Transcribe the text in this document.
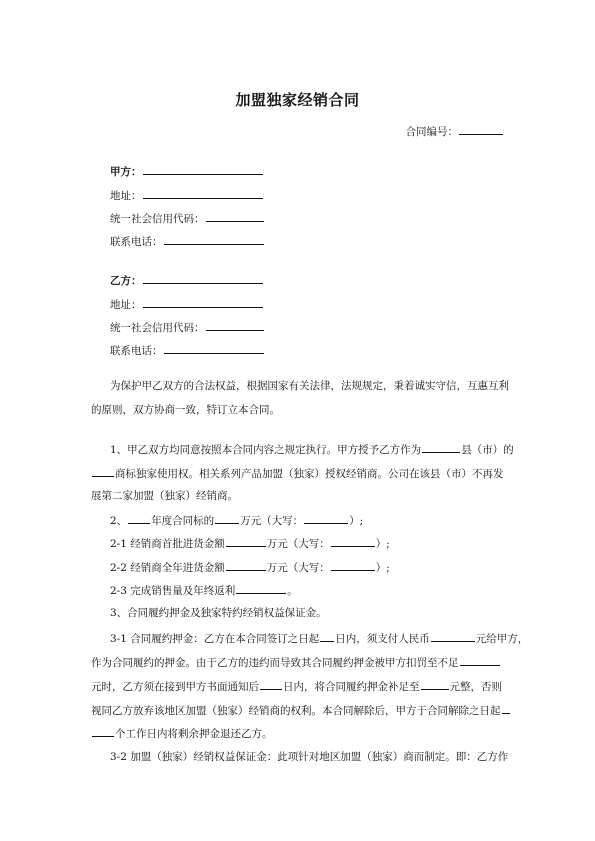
加盟独家经销合同
合同编号：
甲方：
地址：
统一社会信用代码：
联系电话：
乙方：
地址：
统一社会信用代码：
联系电话：
为保护甲乙双方的合法权益，根据国家有关法律，法规规定，秉着诚实守信，互惠互利
的原则，双方协商一致，特订立本合同。
1、甲乙双方均同意按照本合同内容之规定执行。甲方授予乙方作为	县（市）的
商标独家使用权。相关系列产品加盟（独家）授权经销商。公司在该县（市）不再发
展第二家加盟（独家）经销商。
2、 年度合同标的 万元（大写：	）;
2-1 经销商首批进货金额	万元（大写：	）;
2-2 经销商全年进货金额	万元（大写：	）;
2-3 完成销售量及年终返利	。
3、合同履约押金及独家特约经销权益保证金。
3-1 合同履约押金：乙方在本合同签订之日起 日内，须支付人民币	元给甲方，
作为合同履约的押金。由于乙方的违约而导致其合同履约押金被甲方扣罚至不足
元时，乙方须在接到甲方书面通知后 日内，将合同履约押金补足至	元整，否则
视同乙方放弃该地区加盟（独家）经销商的权利。本合同解除后，甲方于合同解除之日起
个工作日内将剩余押金退还乙方。
3-2 加盟（独家）经销权益保证金：此项针对地区加盟（独家）商而制定。即：乙方作
